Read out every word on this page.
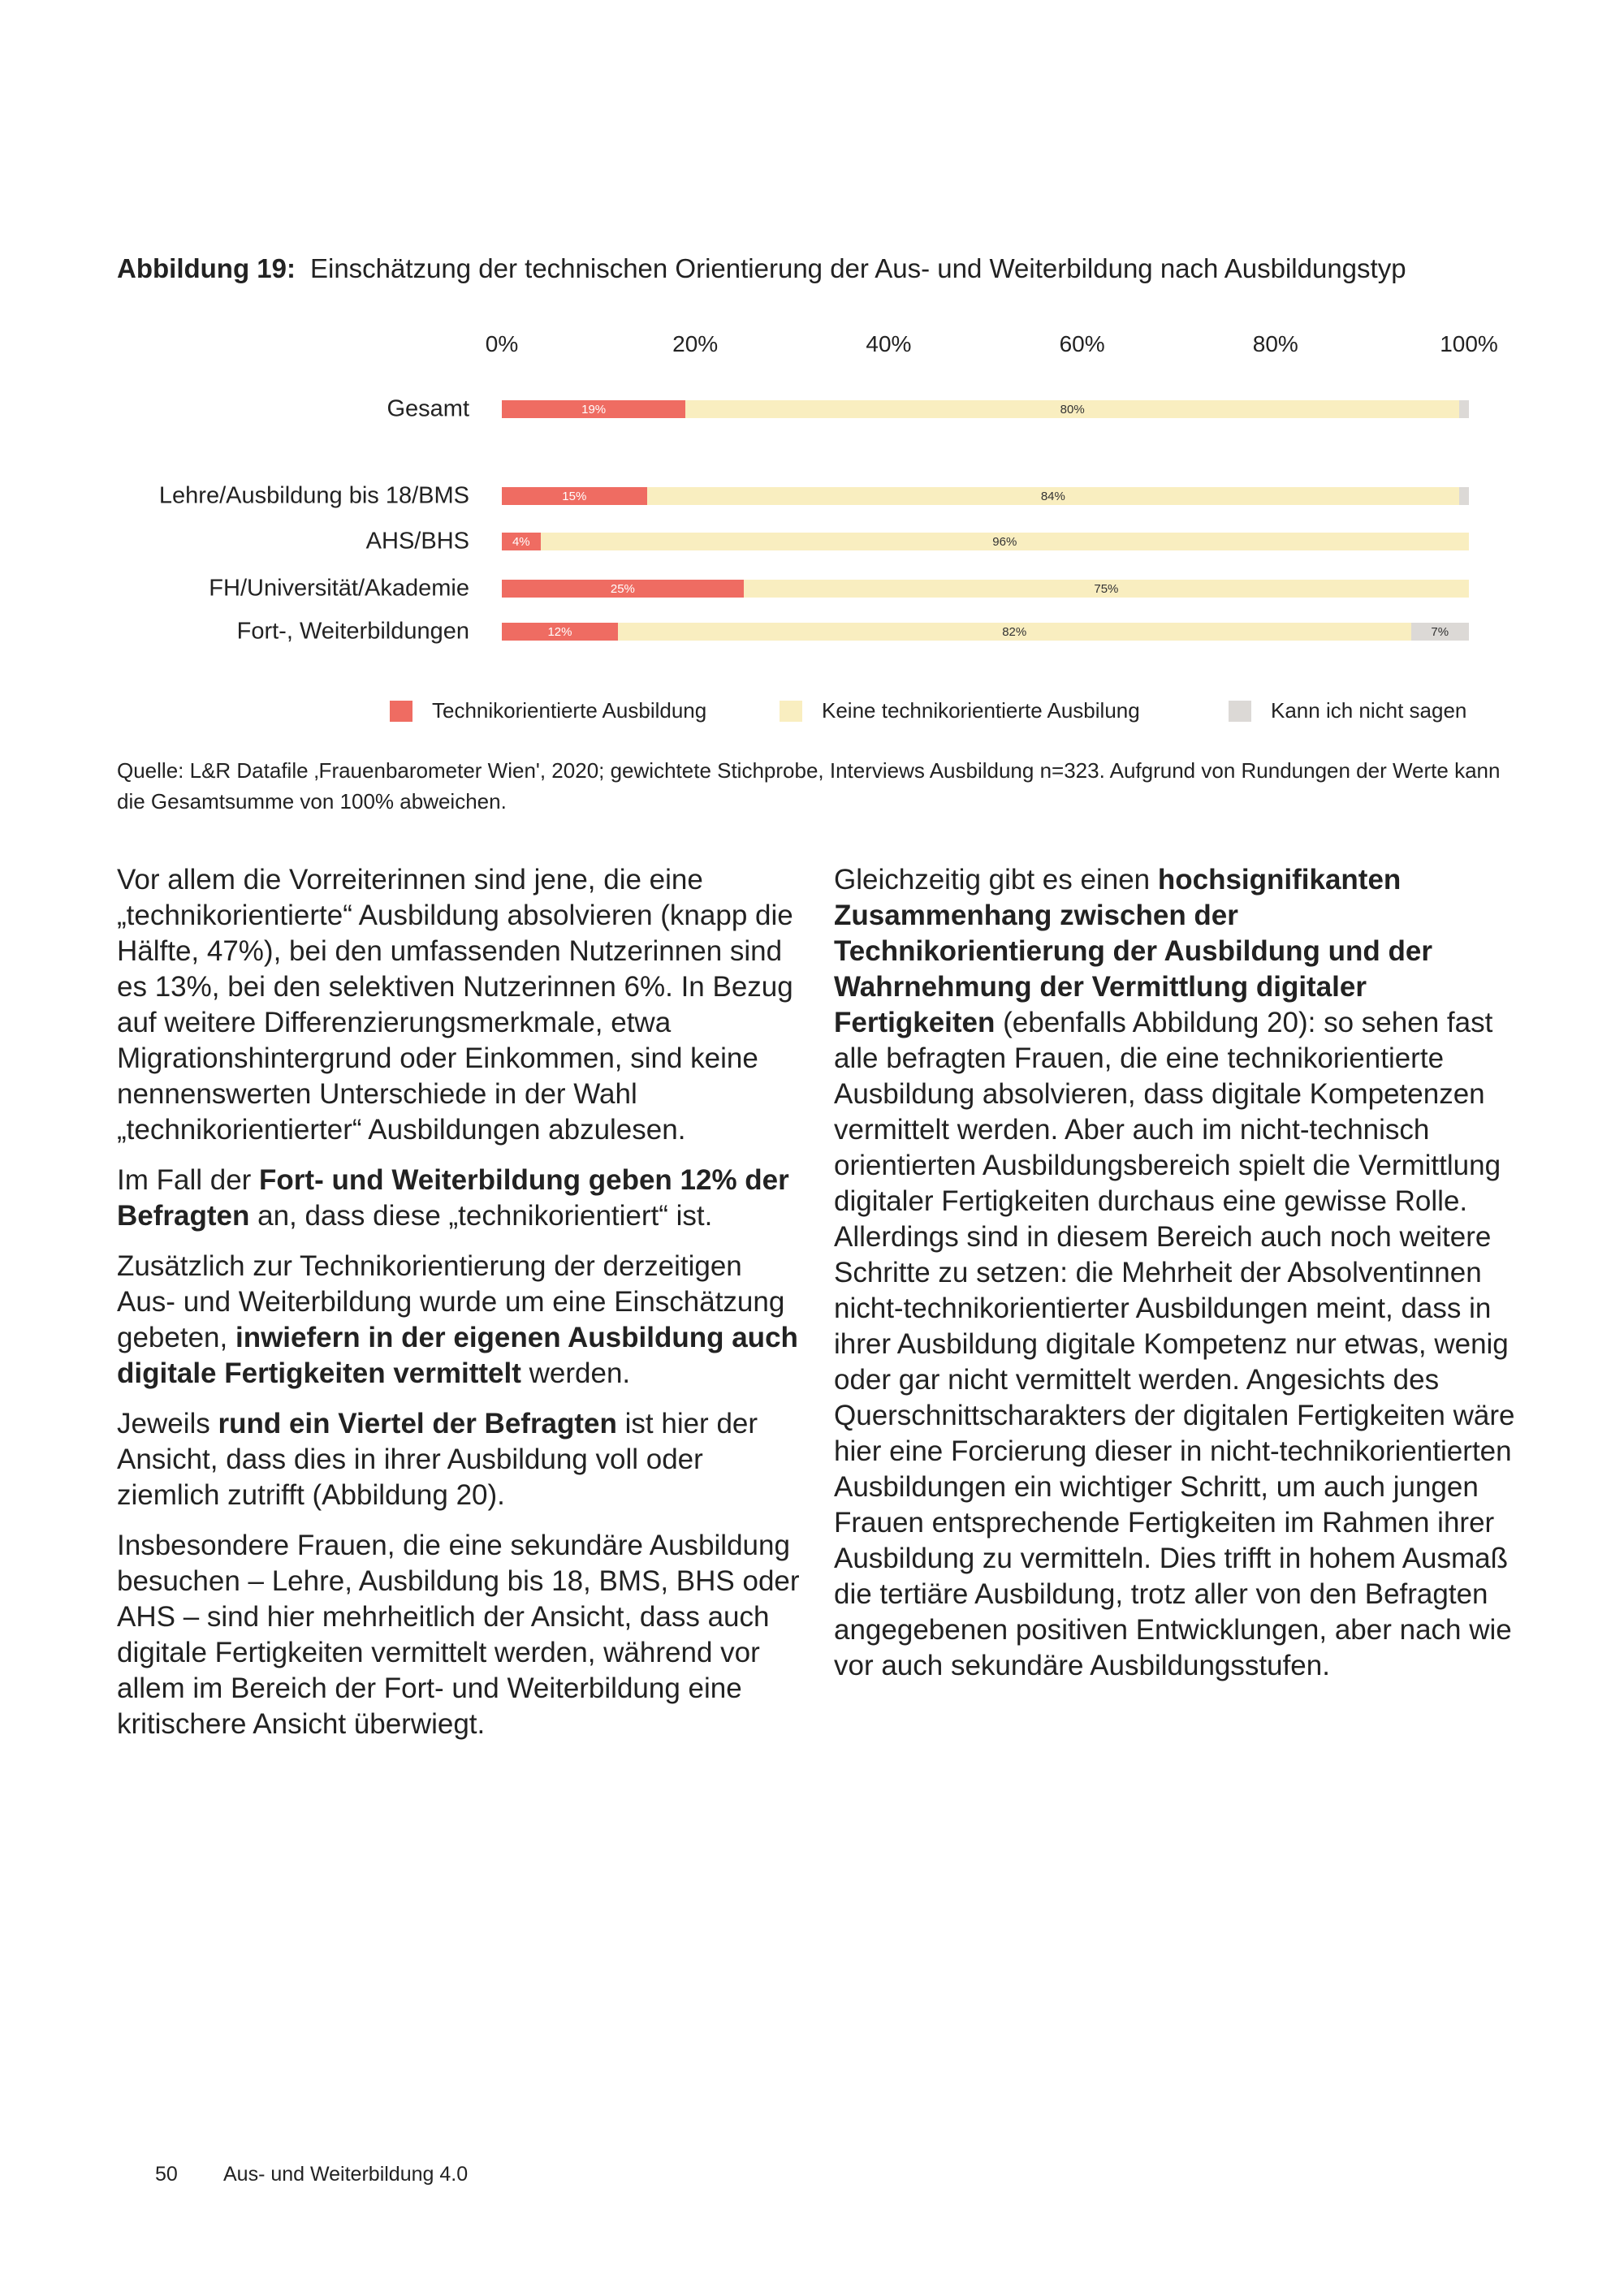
Abbildung 19: Einschätzung der technischen Orientierung der Aus- und Weiterbildung nach Ausbildungstyp
0%	20%	40%	60%	80%	100%
Gesamt	19%	80%
Lehre/Ausbildung bis 18/BMS	15%	84%
AHS/BHS	4%	96%
FH/Universität/Akademie	25%	75%
Fort-, Weiterbildungen	12%	82%	7%
Technikorientierte Ausbildung	Keine technikorientierte Ausbilung	Kann ich nicht sagen
Quelle: L&R Datafile ‚Frauenbarometer Wien', 2020; gewichtete Stichprobe, Interviews Ausbildung n=323. Aufgrund von Rundungen der Werte kann die Gesamtsumme von 100% abweichen.

Vor allem die Vorreiterinnen sind jene, die eine „technikorientierte“ Ausbildung absolvieren (knapp die Hälfte, 47%), bei den umfassenden Nutzerinnen sind es 13%, bei den selektiven Nutzerinnen 6%. In Bezug auf weitere Differenzierungsmerkmale, etwa Migrationshintergrund oder Einkommen, sind keine nennenswerten Unterschiede in der Wahl „technikorientierter“ Ausbildungen abzulesen.

Im Fall der Fort- und Weiterbildung geben 12% der Befragten an, dass diese „technikorientiert“ ist.

Zusätzlich zur Technikorientierung der derzeitigen Aus- und Weiterbildung wurde um eine Einschätzung gebeten, inwiefern in der eigenen Ausbildung auch digitale Fertigkeiten vermittelt werden.

Jeweils rund ein Viertel der Befragten ist hier der Ansicht, dass dies in ihrer Ausbildung voll oder ziemlich zutrifft (Abbildung 20).

Insbesondere Frauen, die eine sekundäre Ausbildung besuchen – Lehre, Ausbildung bis 18, BMS, BHS oder AHS – sind hier mehrheitlich der Ansicht, dass auch digitale Fertigkeiten vermittelt werden, während vor allem im Bereich der Fort- und Weiterbildung eine kritischere Ansicht überwiegt.

Gleichzeitig gibt es einen hochsignifikanten Zusammenhang zwischen der Technikorientierung der Ausbildung und der Wahrnehmung der Vermittlung digitaler Fertigkeiten (ebenfalls Abbildung 20): so sehen fast alle befragten Frauen, die eine technikorientierte Ausbildung absolvieren, dass digitale Kompetenzen vermittelt werden. Aber auch im nicht-technisch orientierten Ausbildungsbereich spielt die Vermittlung digitaler Fertigkeiten durchaus eine gewisse Rolle. Allerdings sind in diesem Bereich auch noch weitere Schritte zu setzen: die Mehrheit der Absolventinnen nicht-technikorientierter Ausbildungen meint, dass in ihrer Ausbildung digitale Kompetenz nur etwas, wenig oder gar nicht vermittelt werden. Angesichts des Querschnittscharakters der digitalen Fertigkeiten wäre hier eine Forcierung dieser in nicht-technikorientierten Ausbildungen ein wichtiger Schritt, um auch jungen Frauen entsprechende Fertigkeiten im Rahmen ihrer Ausbildung zu vermitteln. Dies trifft in hohem Ausmaß die tertiäre Ausbildung, trotz aller von den Befragten angegebenen positiven Entwicklungen, aber nach wie vor auch sekundäre Ausbildungsstufen.

50 Aus- und Weiterbildung 4.0
